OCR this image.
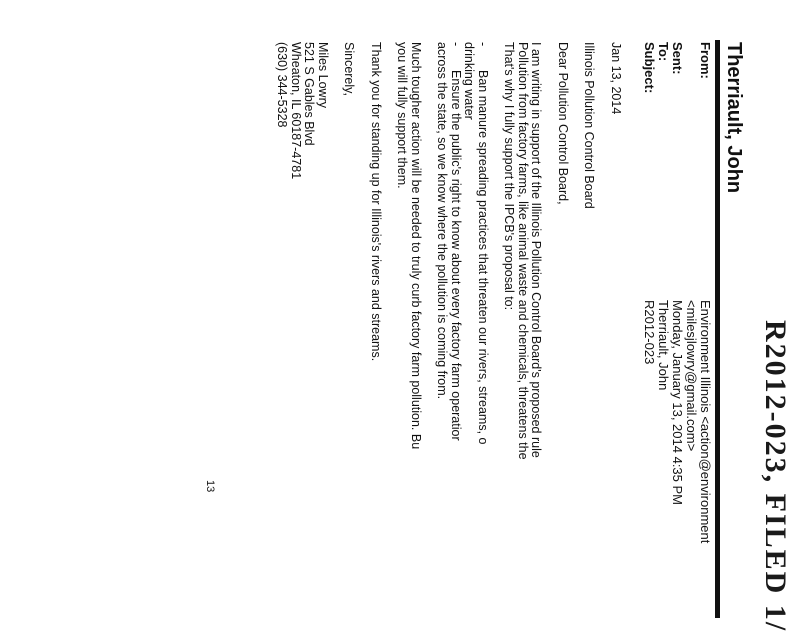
R2012-023, FILED 1/
Therriault, John
From:
Environment Illinois <action@environment
<milesjlowry@gmail.com>
Sent:
Monday, January 13, 2014 4:35 PM
To:
Therriault, John
Subject:
R2012-023

Jan 13, 2014

Illinois Pollution Control Board

Dear Pollution Control Board,

I am writing in support of the Illinois Pollution Control Board's proposed rule
Pollution from factory farms, like animal waste and chemicals, threatens the
That's why I fully support the IPCB's proposal to:

-Ban manure spreading practices that threaten our rivers, streams, o
drinking water
-Ensure the public's right to know about every factory farm operatior
across the state, so we know where the pollution is coming from.

Much tougher action will be needed to truly curb factory farm pollution. Bu
you will fully support them.

Thank you for standing up for Illinois's rivers and streams.

Sincerely,

Miles Lowry
521 S Gables Blvd
Wheaton, IL 60187-4781
(630) 344-5328

13
